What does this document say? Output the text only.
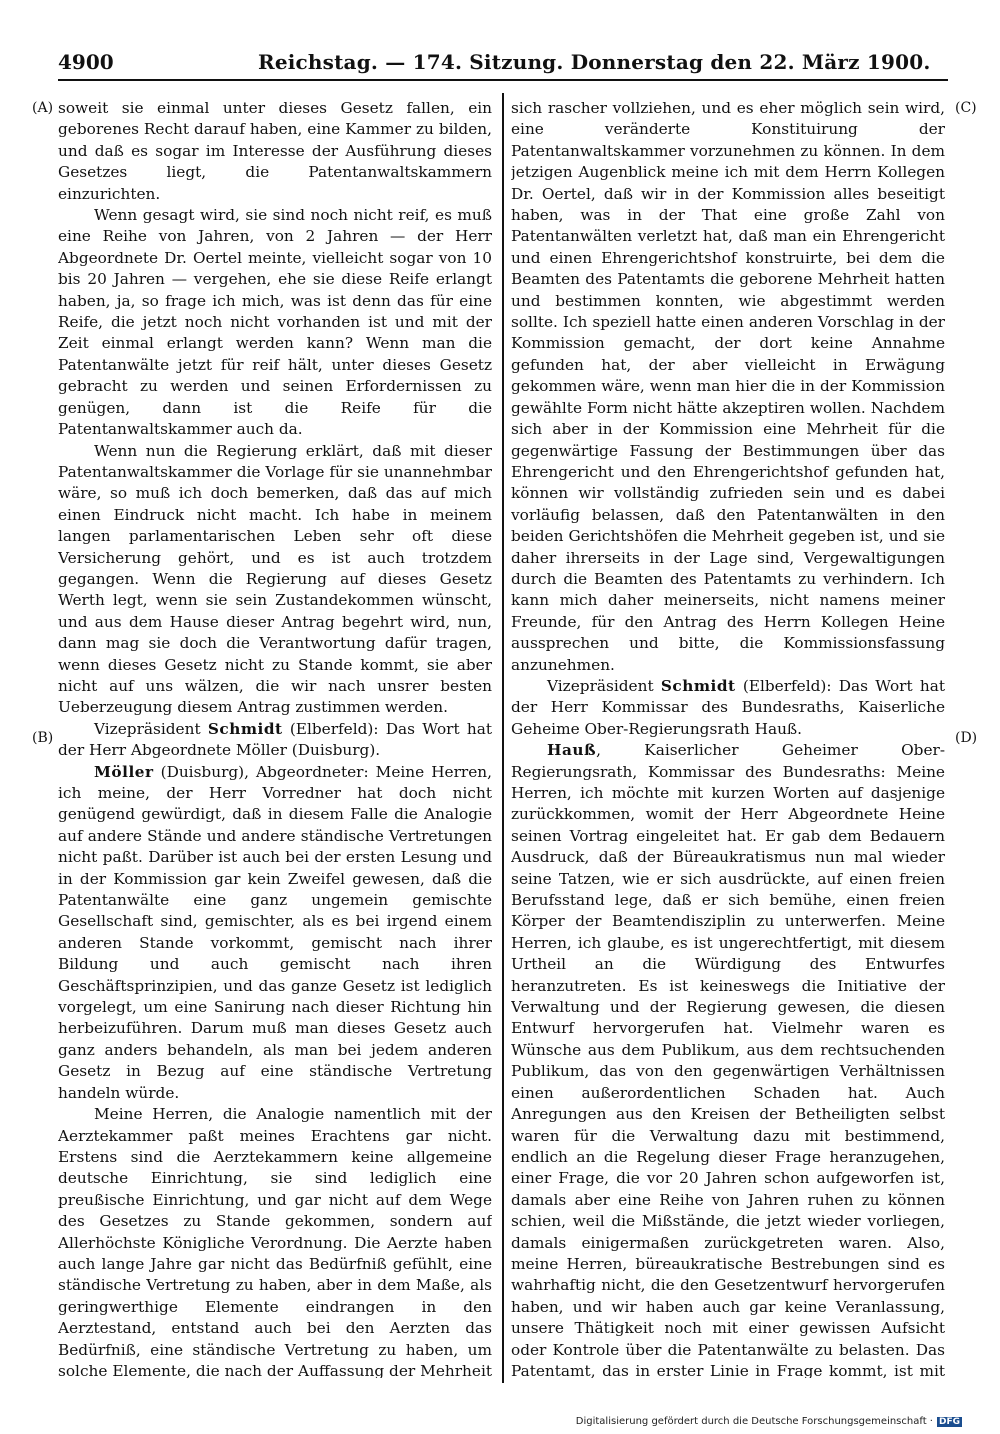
4900	Reichstag. — 174. Sitzung. Donnerstag den 22. März 1900.
(A)
(B)
(C)
(D)

soweit sie einmal unter dieses Gesetz fallen, ein geborenes Recht darauf haben, eine Kammer zu bilden, und daß es sogar im Interesse der Ausführung dieses Gesetzes liegt, die Patentanwaltskammern einzurichten.

Wenn gesagt wird, sie sind noch nicht reif, es muß eine Reihe von Jahren, von 2 Jahren — der Herr Abgeordnete Dr. Oertel meinte, vielleicht sogar von 10 bis 20 Jahren — vergehen, ehe sie diese Reife erlangt haben, ja, so frage ich mich, was ist denn das für eine Reife, die jetzt noch nicht vorhanden ist und mit der Zeit einmal erlangt werden kann? Wenn man die Patentanwälte jetzt für reif hält, unter dieses Gesetz gebracht zu werden und seinen Erfordernissen zu genügen, dann ist die Reife für die Patentanwaltskammer auch da.

Wenn nun die Regierung erklärt, daß mit dieser Patentanwaltskammer die Vorlage für sie unannehmbar wäre, so muß ich doch bemerken, daß das auf mich einen Eindruck nicht macht. Ich habe in meinem langen parlamentarischen Leben sehr oft diese Versicherung gehört, und es ist auch trotzdem gegangen. Wenn die Regierung auf dieses Gesetz Werth legt, wenn sie sein Zustandekommen wünscht, und aus dem Hause dieser Antrag begehrt wird, nun, dann mag sie doch die Verantwortung dafür tragen, wenn dieses Gesetz nicht zu Stande kommt, sie aber nicht auf uns wälzen, die wir nach unsrer besten Ueberzeugung diesem Antrag zustimmen werden.

Vizepräsident Schmidt (Elberfeld): Das Wort hat der Herr Abgeordnete Möller (Duisburg).

Möller (Duisburg), Abgeordneter: Meine Herren, ich meine, der Herr Vorredner hat doch nicht genügend gewürdigt, daß in diesem Falle die Analogie auf andere Stände und andere ständische Vertretungen nicht paßt. Darüber ist auch bei der ersten Lesung und in der Kommission gar kein Zweifel gewesen, daß die Patentanwälte eine ganz ungemein gemischte Gesellschaft sind, gemischter, als es bei irgend einem anderen Stande vorkommt, gemischt nach ihrer Bildung und auch gemischt nach ihren Geschäftsprinzipien, und das ganze Gesetz ist lediglich vorgelegt, um eine Sanirung nach dieser Richtung hin herbeizuführen. Darum muß man dieses Gesetz auch ganz anders behandeln, als man bei jedem anderen Gesetz in Bezug auf eine ständische Vertretung handeln würde.

Meine Herren, die Analogie namentlich mit der Aerztekammer paßt meines Erachtens gar nicht. Erstens sind die Aerztekammern keine allgemeine deutsche Einrichtung, sie sind lediglich eine preußische Einrichtung, und gar nicht auf dem Wege des Gesetzes zu Stande gekommen, sondern auf Allerhöchste Königliche Verordnung. Die Aerzte haben auch lange Jahre gar nicht das Bedürfniß gefühlt, eine ständische Vertretung zu haben, aber in dem Maße, als geringwerthige Elemente eindrangen in den Aerztestand, entstand auch bei den Aerzten das Bedürfniß, eine ständische Vertretung zu haben, um solche Elemente, die nach der Auffassung der Mehrheit

sich rascher vollziehen, und es eher möglich sein wird, eine veränderte Konstituirung der Patentanwaltskammer vorzunehmen zu können. In dem jetzigen Augenblick meine ich mit dem Herrn Kollegen Dr. Oertel, daß wir in der Kommission alles beseitigt haben, was in der That eine große Zahl von Patentanwälten verletzt hat, daß man ein Ehrengericht und einen Ehrengerichtshof konstruirte, bei dem die Beamten des Patentamts die geborene Mehrheit hatten und bestimmen konnten, wie abgestimmt werden sollte. Ich speziell hatte einen anderen Vorschlag in der Kommission gemacht, der dort keine Annahme gefunden hat, der aber vielleicht in Erwägung gekommen wäre, wenn man hier die in der Kommission gewählte Form nicht hätte akzeptiren wollen. Nachdem sich aber in der Kommission eine Mehrheit für die gegenwärtige Fassung der Bestimmungen über das Ehrengericht und den Ehrengerichtshof gefunden hat, können wir vollständig zufrieden sein und es dabei vorläufig belassen, daß den Patentanwälten in den beiden Gerichtshöfen die Mehrheit gegeben ist, und sie daher ihrerseits in der Lage sind, Vergewaltigungen durch die Beamten des Patentamts zu verhindern. Ich kann mich daher meinerseits, nicht namens meiner Freunde, für den Antrag des Herrn Kollegen Heine aussprechen und bitte, die Kommissionsfassung anzunehmen.

Vizepräsident Schmidt (Elberfeld): Das Wort hat der Herr Kommissar des Bundesraths, Kaiserliche Geheime Ober-Regierungsrath Hauß.

Hauß, Kaiserlicher Geheimer Ober-Regierungsrath, Kommissar des Bundesraths: Meine Herren, ich möchte mit kurzen Worten auf dasjenige zurückkommen, womit der Herr Abgeordnete Heine seinen Vortrag eingeleitet hat. Er gab dem Bedauern Ausdruck, daß der Büreaukratismus nun mal wieder seine Tatzen, wie er sich ausdrückte, auf einen freien Berufsstand lege, daß er sich bemühe, einen freien Körper der Beamtendisziplin zu unterwerfen. Meine Herren, ich glaube, es ist ungerechtfertigt, mit diesem Urtheil an die Würdigung des Entwurfes heranzutreten. Es ist keineswegs die Initiative der Verwaltung und der Regierung gewesen, die diesen Entwurf hervorgerufen hat. Vielmehr waren es Wünsche aus dem Publikum, aus dem rechtsuchenden Publikum, das von den gegenwärtigen Verhältnissen einen außerordentlichen Schaden hat. Auch Anregungen aus den Kreisen der Betheiligten selbst waren für die Verwaltung dazu mit bestimmend, endlich an die Regelung dieser Frage heranzugehen, einer Frage, die vor 20 Jahren schon aufgeworfen ist, damals aber eine Reihe von Jahren ruhen zu können schien, weil die Mißstände, die jetzt wieder vorliegen, damals einigermaßen zurückgetreten waren. Also, meine Herren, büreaukratische Bestrebungen sind es wahrhaftig nicht, die den Gesetzentwurf hervorgerufen haben, und wir haben auch gar keine Veranlassung, unsere Thätigkeit noch mit einer gewissen Aufsicht oder Kontrole über die Patentanwälte zu belasten. Das Patentamt, das in erster Linie in Frage kommt, ist mit

Digitalisierung gefördert durch die Deutsche Forschungsgemeinschaft · DFG
